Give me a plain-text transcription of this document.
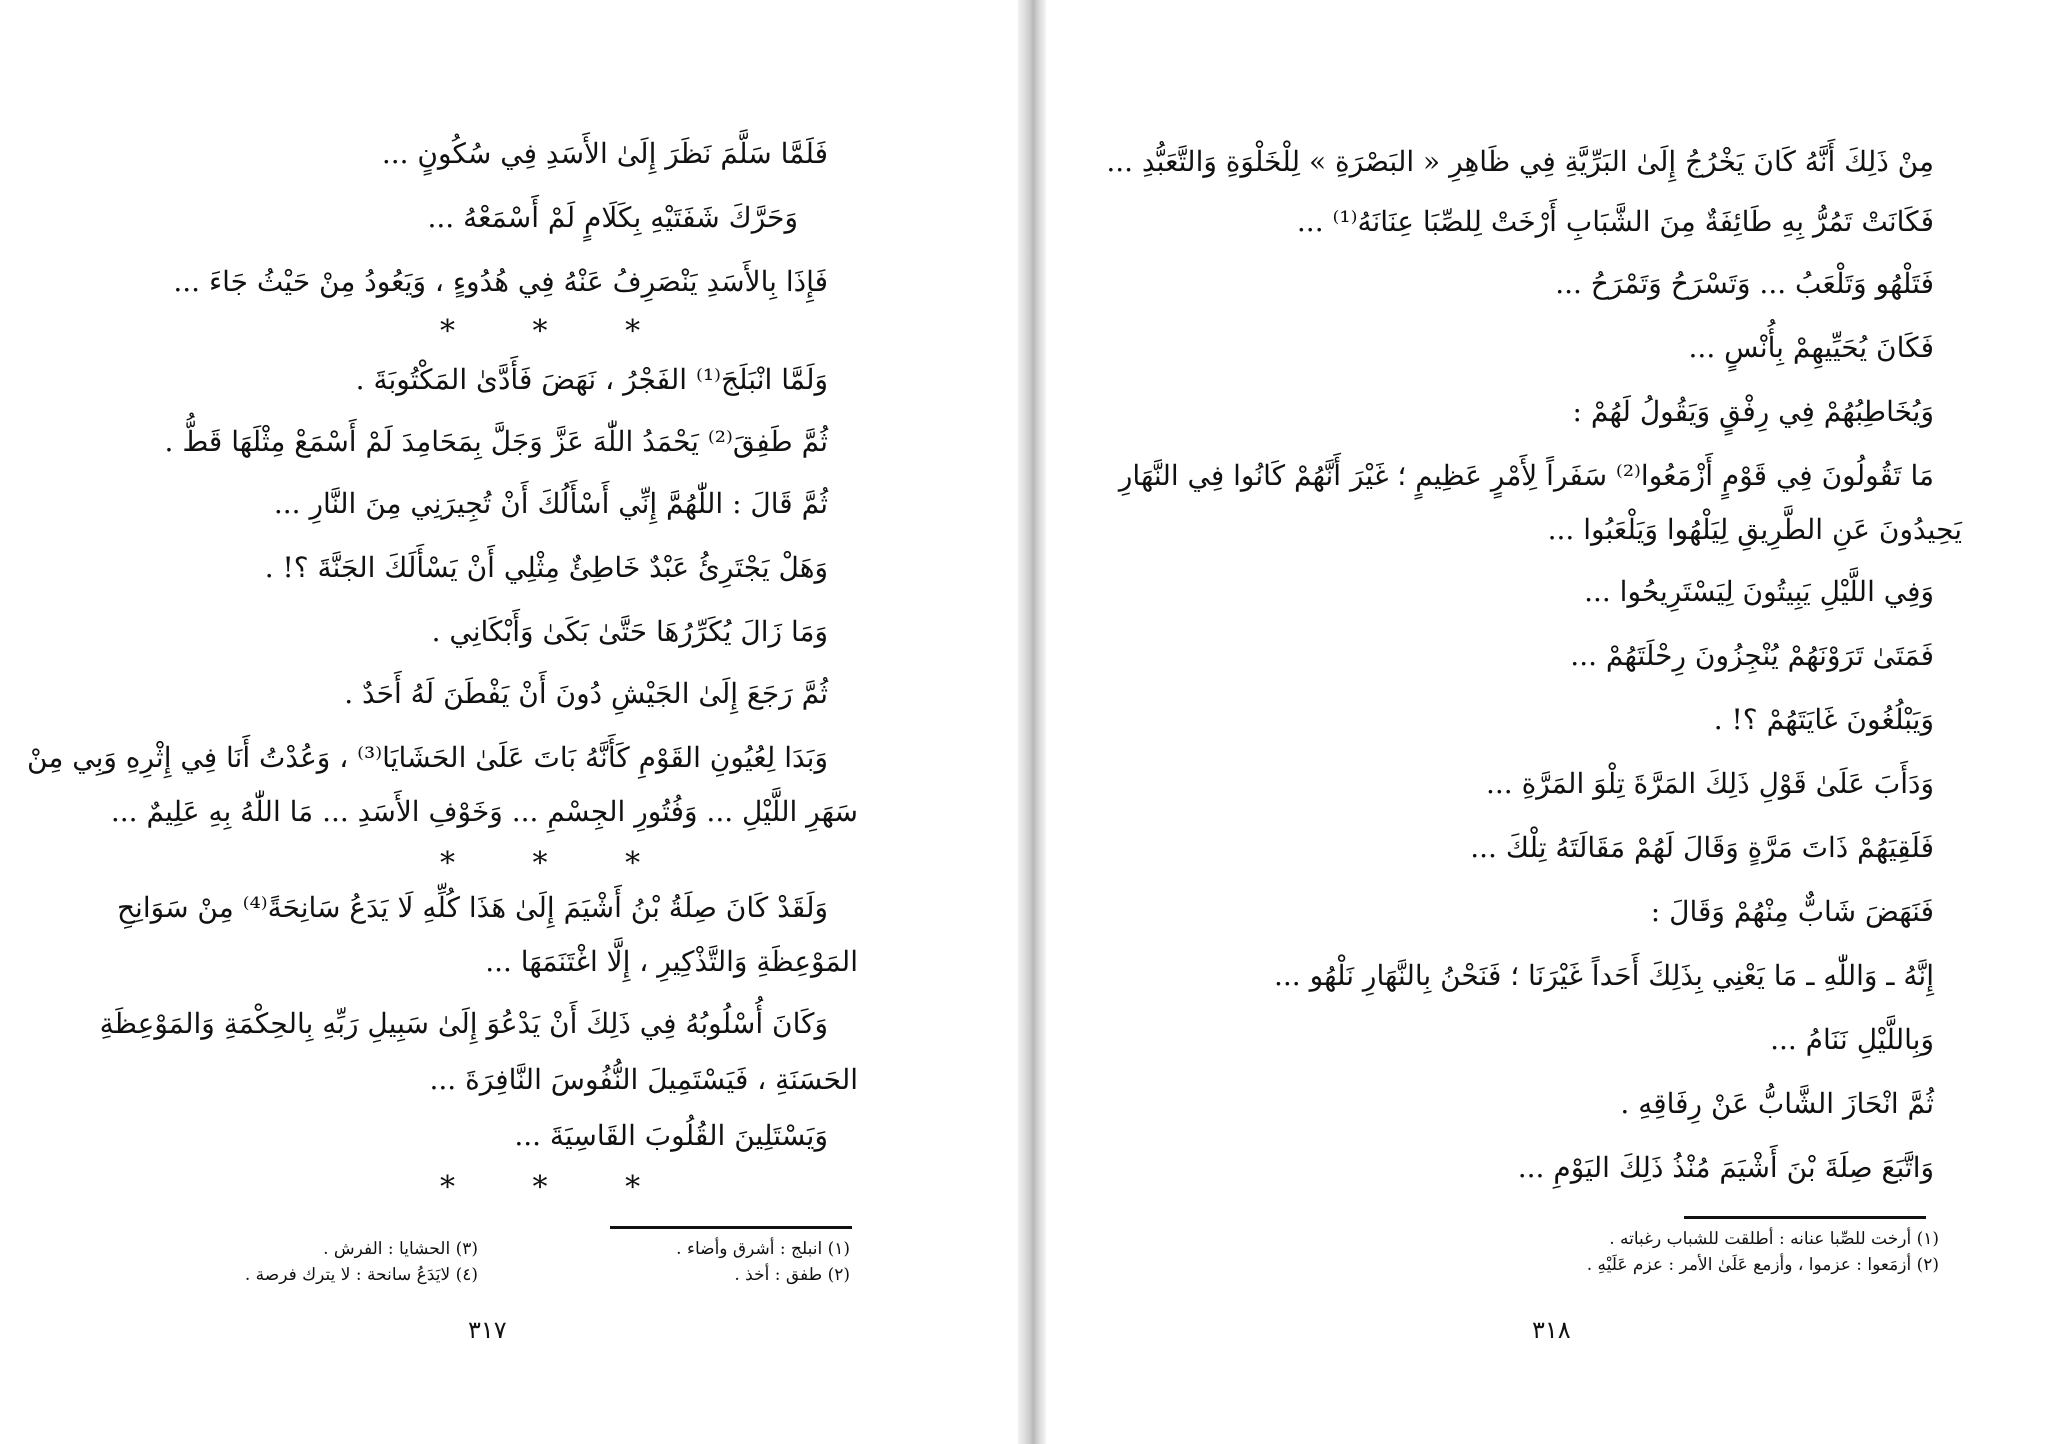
فَلَمَّا سَلَّمَ نَظَرَ إِلَىٰ الأَسَدِ فِي سُكُونٍ ...
وَحَرَّكَ شَفَتَيْهِ بِكَلَامٍ لَمْ أَسْمَعْهُ ...
فَإِذَا بِالأَسَدِ يَنْصَرِفُ عَنْهُ فِي هُدُوءٍ ، وَيَعُودُ مِنْ حَيْثُ جَاءَ ...
* * *
وَلَمَّا انْبَلَجَ⁽¹⁾ الفَجْرُ ، نَهَضَ فَأَدَّىٰ المَكْتُوبَةَ .
ثُمَّ طَفِقَ⁽²⁾ يَحْمَدُ اللّٰهَ عَزَّ وَجَلَّ بِمَحَامِدَ لَمْ أَسْمَعْ مِثْلَهَا قَطُّ .
ثُمَّ قَالَ : اللّٰهُمَّ إِنِّي أَسْأَلُكَ أَنْ تُجِيرَنِي مِنَ النَّارِ ...
وَهَلْ يَجْتَرِئُ عَبْدٌ خَاطِئٌ مِثْلِي أَنْ يَسْأَلَكَ الجَنَّةَ ؟! .
وَمَا زَالَ يُكَرِّرُهَا حَتَّىٰ بَكَىٰ وَأَبْكَانِي .
ثُمَّ رَجَعَ إِلَىٰ الجَيْشِ دُونَ أَنْ يَفْطَنَ لَهُ أَحَدٌ .
وَبَدَا لِعُيُونِ القَوْمِ كَأَنَّهُ بَاتَ عَلَىٰ الحَشَايَا⁽³⁾ ، وَعُدْتُ أَنَا فِي إِثْرِهِ وَبِي مِنْ
سَهَرِ اللَّيْلِ ... وَفُتُورِ الجِسْمِ ... وَخَوْفِ الأَسَدِ ... مَا اللّٰهُ بِهِ عَلِيمٌ ...
* * *
وَلَقَدْ كَانَ صِلَةُ بْنُ أَشْيَمَ إِلَىٰ هَذَا كُلِّهِ لَا يَدَعُ سَانِحَةً⁽⁴⁾ مِنْ سَوَانِحِ
المَوْعِظَةِ وَالتَّذْكِيرِ ، إِلَّا اغْتَنَمَهَا ...
وَكَانَ أُسْلُوبُهُ فِي ذَلِكَ أَنْ يَدْعُوَ إِلَىٰ سَبِيلِ رَبِّهِ بِالحِكْمَةِ وَالمَوْعِظَةِ
الحَسَنَةِ ، فَيَسْتَمِيلَ النُّفُوسَ النَّافِرَةَ ...
وَيَسْتَلِينَ القُلُوبَ القَاسِيَةَ ...
* * *
(١) انبلج : أشرق وأضاء .
(٢) طفق : أخذ .
(٣) الحشايا : الفرش .
(٤) لايَدَعُ سانحة : لا يترك فرصة .
٣١٧
مِنْ ذَلِكَ أَنَّهُ كَانَ يَخْرُجُ إِلَىٰ البَرِّيَّةِ فِي ظَاهِرِ « البَصْرَةِ » لِلْخَلْوَةِ وَالتَّعَبُّدِ ...
فَكَانَتْ تَمُرُّ بِهِ طَائِفَةٌ مِنَ الشَّبَابِ أَرْخَتْ لِلصِّبَا عِنَانَهُ⁽¹⁾ ...
فَتَلْهُو وَتَلْعَبُ ... وَتَسْرَحُ وَتَمْرَحُ ...
فَكَانَ يُحَيِّيهِمْ بِأُنْسٍ ...
وَيُخَاطِبُهُمْ فِي رِفْقٍ وَيَقُولُ لَهُمْ :
مَا تَقُولُونَ فِي قَوْمٍ أَزْمَعُوا⁽²⁾ سَفَراً لِأَمْرٍ عَظِيمٍ ؛ غَيْرَ أَنَّهُمْ كَانُوا فِي النَّهَارِ
يَحِيدُونَ عَنِ الطَّرِيقِ لِيَلْهُوا وَيَلْعَبُوا ...
وَفِي اللَّيْلِ يَبِيتُونَ لِيَسْتَرِيحُوا ...
فَمَتَىٰ تَرَوْنَهُمْ يُنْجِزُونَ رِحْلَتَهُمْ ...
وَيَبْلُغُونَ غَايَتَهُمْ ؟! .
وَدَأَبَ عَلَىٰ قَوْلِ ذَلِكَ المَرَّةَ تِلْوَ المَرَّةِ ...
فَلَقِيَهُمْ ذَاتَ مَرَّةٍ وَقَالَ لَهُمْ مَقَالَتَهُ تِلْكَ ...
فَنَهَضَ شَابٌّ مِنْهُمْ وَقَالَ :
إِنَّهُ ـ وَاللّٰهِ ـ مَا يَعْنِي بِذَلِكَ أَحَداً غَيْرَنَا ؛ فَنَحْنُ بِالنَّهَارِ نَلْهُو ...
وَبِاللَّيْلِ نَنَامُ ...
ثُمَّ انْحَازَ الشَّابُّ عَنْ رِفَاقِهِ .
وَاتَّبَعَ صِلَةَ بْنَ أَشْيَمَ مُنْذُ ذَلِكَ اليَوْمِ ...
(١) أرخت للصِّبا عنانه : أطلقت للشباب رغباته .
(٢) أزمَعوا : عزموا ، وأزمع عَلَىٰ الأمر : عزم عَلَيْهِ .
٣١٨
